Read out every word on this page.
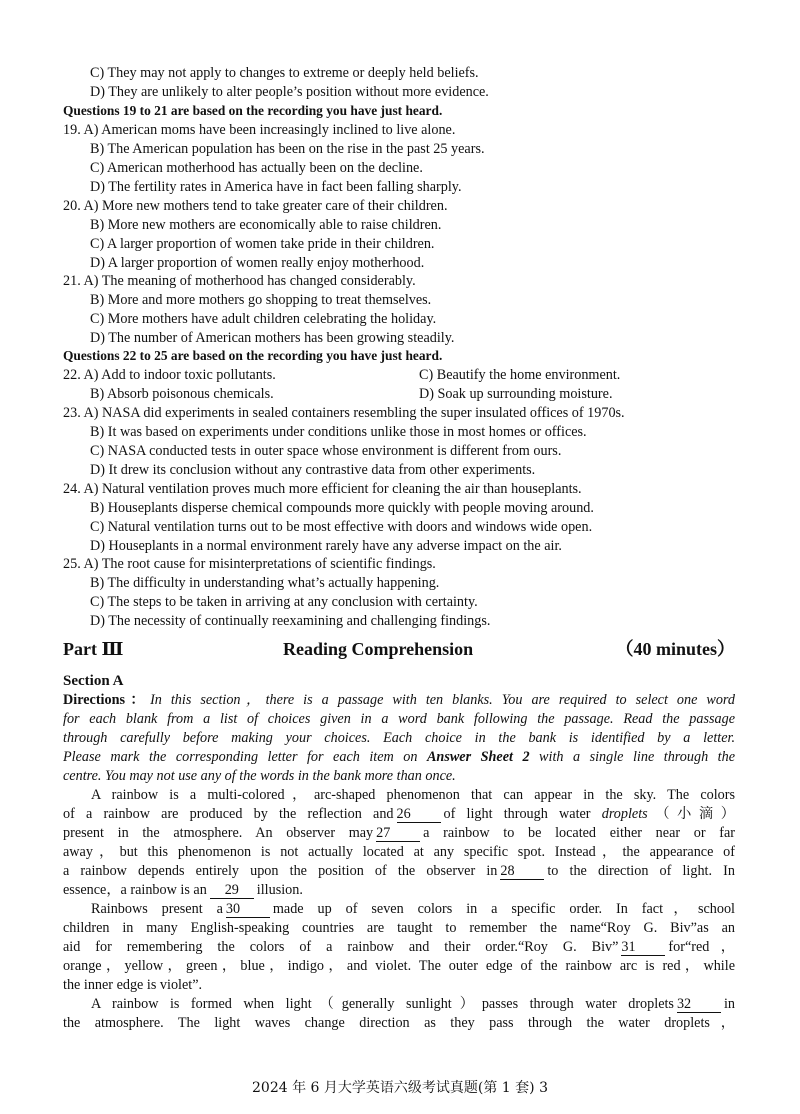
C) They may not apply to changes to extreme or deeply held beliefs.
D) They are unlikely to alter people’s position without more evidence.
Questions 19 to 21 are based on the recording you have just heard.
19. A) American moms have been increasingly inclined to live alone.
B) The American population has been on the rise in the past 25 years.
C) American motherhood has actually been on the decline.
D) The fertility rates in America have in fact been falling sharply.
20. A) More new mothers tend to take greater care of their children.
B) More new mothers are economically able to raise children.
C) A larger proportion of women take pride in their children.
D) A larger proportion of women really enjoy motherhood.
21. A) The meaning of motherhood has changed considerably.
B) More and more mothers go shopping to treat themselves.
C) More mothers have adult children celebrating the holiday.
D) The number of American mothers has been growing steadily.
Questions 22 to 25 are based on the recording you have just heard.
22. A) Add to indoor toxic pollutants.	C) Beautify the home environment.
B) Absorb poisonous chemicals.	D) Soak up surrounding moisture.
23. A) NASA did experiments in sealed containers resembling the super insulated offices of 1970s.
B) It was based on experiments under conditions unlike those in most homes or offices.
C) NASA conducted tests in outer space whose environment is different from ours.
D) It drew its conclusion without any contrastive data from other experiments.
24. A) Natural ventilation proves much more efficient for cleaning the air than houseplants.
B) Houseplants disperse chemical compounds more quickly with people moving around.
C) Natural ventilation turns out to be most effective with doors and windows wide open.
D) Houseplants in a normal environment rarely have any adverse impact on the air.
25. A) The root cause for misinterpretations of scientific findings.
B) The difficulty in understanding what’s actually happening.
C) The steps to be taken in arriving at any conclusion with certainty.
D) The necessity of continually reexamining and challenging findings.
Part Ⅲ	Reading Comprehension	（40 minutes）
Section A
Directions：In this section，there is a passage with ten blanks. You are required to select one word
for each blank from a list of choices given in a word bank following the passage. Read the passage
through carefully before making your choices. Each choice in the bank is identified by a letter.
Please mark the corresponding letter for each item on Answer Sheet 2 with a single line through the
centre. You may not use any of the words in the bank more than once.
A rainbow is a multi-colored，arc-shaped phenomenon that can appear in the sky. The colors
of a rainbow are produced by the reflection and 26 of light through water droplets（小滴）
present in the atmosphere. An observer may 27 a rainbow to be located either near or far
away，but this phenomenon is not actually located at any specific spot. Instead，the appearance of
a rainbow depends entirely upon the position of the observer in 28 to the direction of light. In
essence，a rainbow is an 29 illusion.
Rainbows present a 30 made up of seven colors in a specific order. In fact，school
children in many English-speaking countries are taught to remember the name“Roy G. Biv”as an
aid for remembering the colors of a rainbow and their order.“Roy G. Biv” 31 for“red，
orange，yellow，green，blue，indigo，and violet. The outer edge of the rainbow arc is red，while
the inner edge is violet”.
A rainbow is formed when light（generally sunlight）passes through water droplets 32 in
the atmosphere. The light waves change direction as they pass through the water droplets，
2024 年 6 月大学英语六级考试真题(第 1 套) 3
